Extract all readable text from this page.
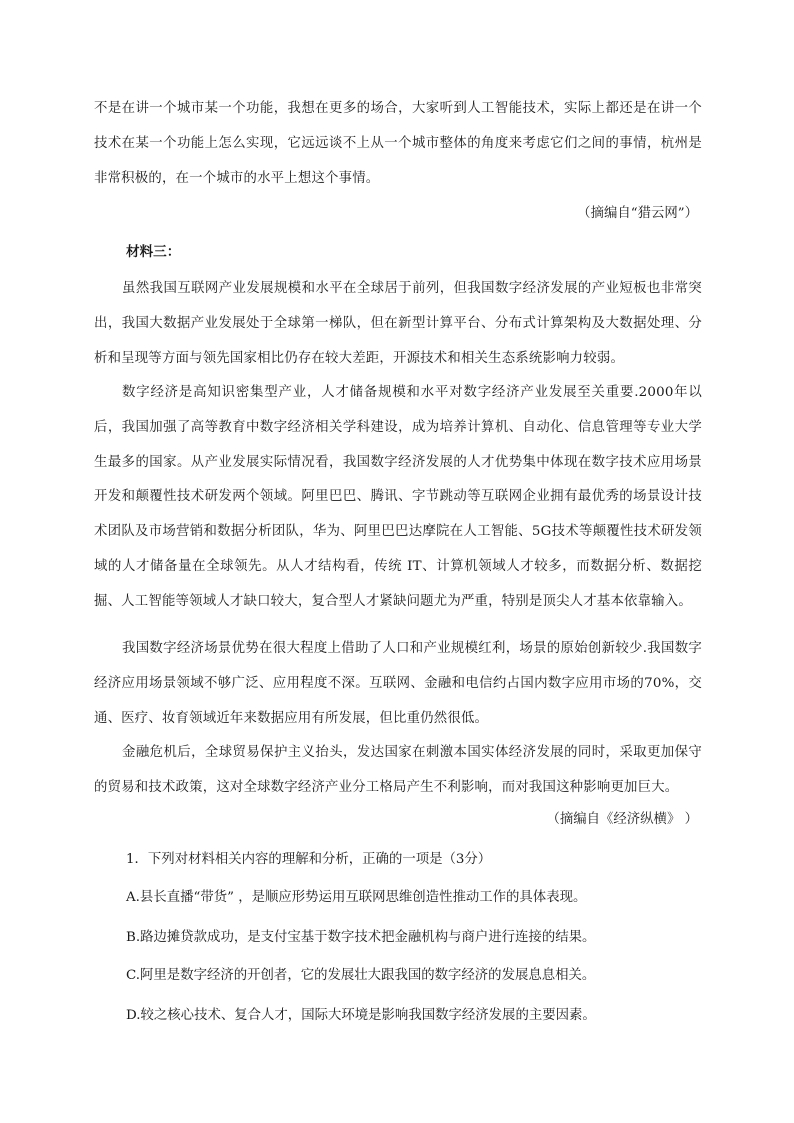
不是在讲一个城市某一个功能，我想在更多的场合，大家听到人工智能技术，实际上都还是在讲一个技术在某一个功能上怎么实现，它远远谈不上从一个城市整体的角度来考虑它们之间的事情，杭州是非常积极的，在一个城市的水平上想这个事情。

（摘编自“猎云网”）

材料三：

虽然我国互联网产业发展规模和水平在全球居于前列，但我国数字经济发展的产业短板也非常突出，我国大数据产业发展处于全球第一梯队，但在新型计算平台、分布式计算架构及大数据处理、分析和呈现等方面与领先国家相比仍存在较大差距，开源技术和相关生态系统影响力较弱。

数字经济是高知识密集型产业，人才储备规模和水平对数字经济产业发展至关重要.2000年以后，我国加强了高等教育中数字经济相关学科建设，成为培养计算机、自动化、信息管理等专业大学生最多的国家。从产业发展实际情况看，我国数字经济发展的人才优势集中体现在数字技术应用场景开发和颠覆性技术研发两个领域。阿里巴巴、腾讯、字节跳动等互联网企业拥有最优秀的场景设计技术团队及市场营销和数据分析团队，华为、阿里巴巴达摩院在人工智能、5G技术等颠覆性技术研发领域的人才储备量在全球领先。从人才结构看，传统 IT、计算机领域人才较多，而数据分析、数据挖掘、人工智能等领域人才缺口较大，复合型人才紧缺问题尤为严重，特别是顶尖人才基本依靠输入。

我国数字经济场景优势在很大程度上借助了人口和产业规模红利，场景的原始创新较少.我国数字经济应用场景领域不够广泛、应用程度不深。互联网、金融和电信约占国内数字应用市场的70%，交通、医疗、妆育领域近年来数据应用有所发展，但比重仍然很低。

金融危机后，全球贸易保护主义抬头，发达国家在刺激本国实体经济发展的同时，采取更加保守的贸易和技术政策，这对全球数字经济产业分工格局产生不利影响，而对我国这种影响更加巨大。

（摘编自《经济纵横》 ）

1．下列对材料相关内容的理解和分析，正确的一项是（3分）

A.县长直播“带货” ，是顺应形势运用互联网思维创造性推动工作的具体表现。

B.路边摊贷款成功，是支付宝基于数字技术把金融机构与商户进行连接的结果。

C.阿里是数字经济的开创者，它的发展壮大跟我国的数字经济的发展息息相关。

D.较之核心技术、复合人才，国际大环境是影响我国数字经济发展的主要因素。
